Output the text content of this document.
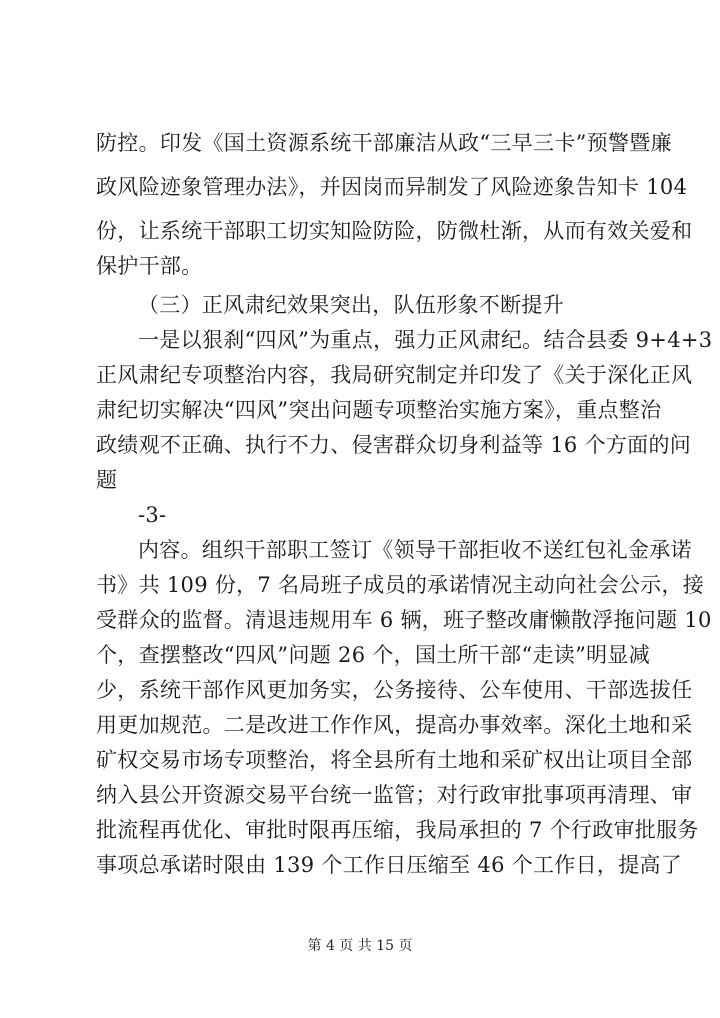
防控。印发《国土资源系统干部廉洁从政“三早三卡”预警暨廉
政风险迹象管理办法》，并因岗而异制发了风险迹象告知卡 104
份，让系统干部职工切实知险防险，防微杜渐，从而有效关爱和
保护干部。
（三）正风肃纪效果突出，队伍形象不断提升
一是以狠刹“四风”为重点，强力正风肃纪。结合县委 9+4+3
正风肃纪专项整治内容，我局研究制定并印发了《关于深化正风
肃纪切实解决“四风”突出问题专项整治实施方案》，重点整治
政绩观不正确、执行不力、侵害群众切身利益等 16 个方面的问
题
-3-
内容。组织干部职工签订《领导干部拒收不送红包礼金承诺
书》共 109 份，7 名局班子成员的承诺情况主动向社会公示，接
受群众的监督。清退违规用车 6 辆，班子整改庸懒散浮拖问题 10
个，查摆整改“四风”问题 26 个，国土所干部“走读”明显减
少，系统干部作风更加务实，公务接待、公车使用、干部选拔任
用更加规范。二是改进工作作风，提高办事效率。深化土地和采
矿权交易市场专项整治，将全县所有土地和采矿权出让项目全部
纳入县公开资源交易平台统一监管；对行政审批事项再清理、审
批流程再优化、审批时限再压缩，我局承担的 7 个行政审批服务
事项总承诺时限由 139 个工作日压缩至 46 个工作日，提高了
第 4 页 共 15 页
